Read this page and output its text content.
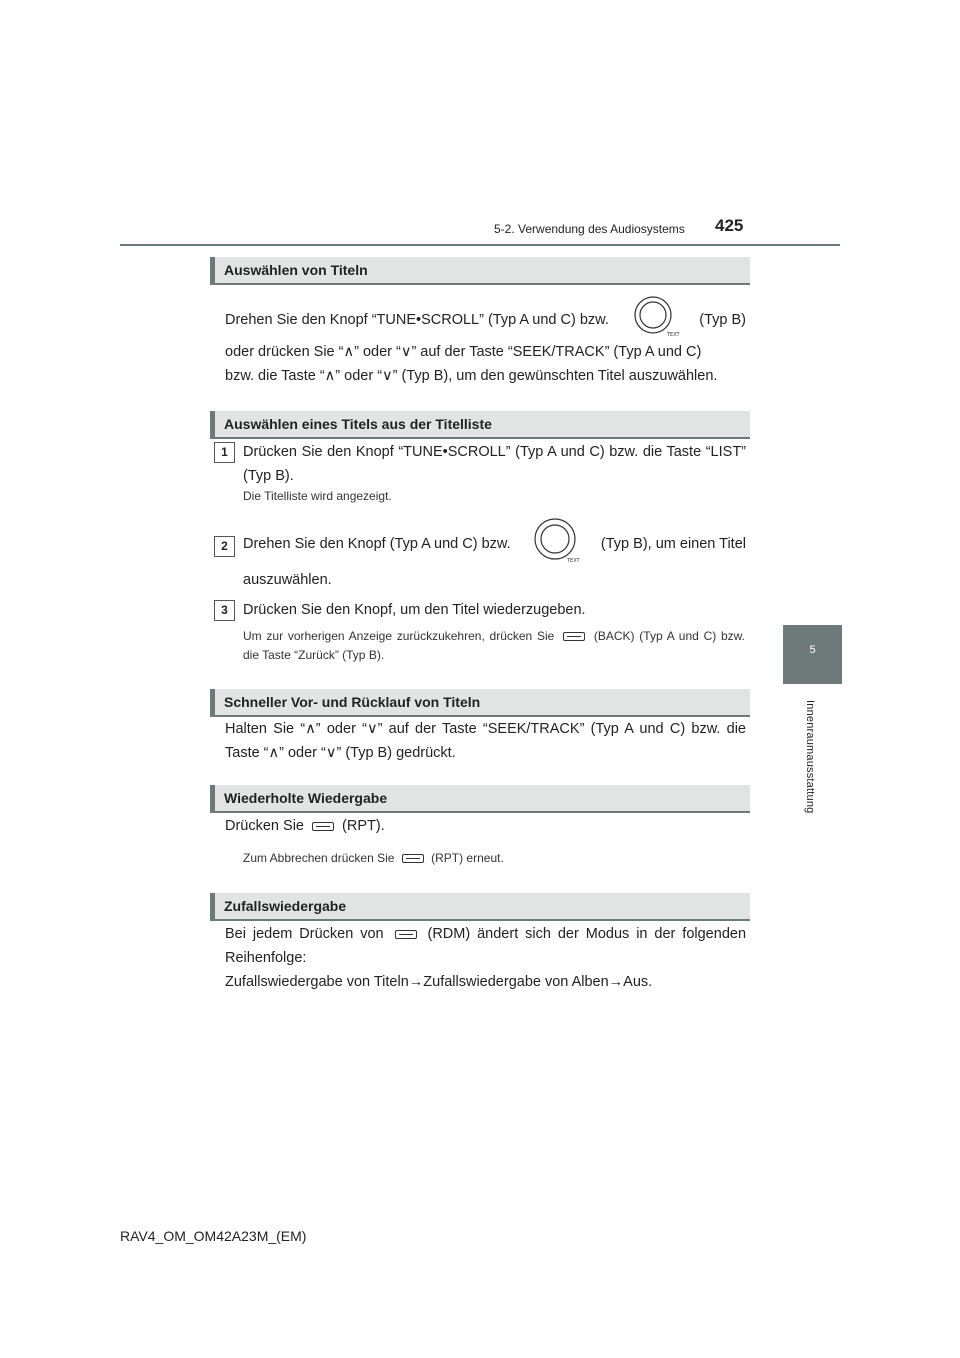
5-2. Verwendung des Audiosystems 425
5
Innenraumausstattung
Auswählen von Titeln
Drehen Sie den Knopf “TUNE•SCROLL” (Typ A und C) bzw.
TEXT
(Typ B)
oder drücken Sie “∧” oder “∨” auf der Taste “SEEK/TRACK” (Typ A und C)
bzw. die Taste “∧” oder “∨” (Typ B), um den gewünschten Titel auszuwählen.
Auswählen eines Titels aus der Titelliste
1	Drücken Sie den Knopf “TUNE•SCROLL” (Typ A und C) bzw. die Taste “LIST” (Typ B).
Die Titelliste wird angezeigt.
2	Drehen Sie den Knopf (Typ A und C) bzw.
TEXT
(Typ B), um einen Titel
auszuwählen.
3	Drücken Sie den Knopf, um den Titel wiederzugeben.
Um zur vorherigen Anzeige zurückzukehren, drücken Sie	(BACK) (Typ A und C) bzw. die Taste “Zurück” (Typ B).
Schneller Vor- und Rücklauf von Titeln
Halten Sie “∧” oder “∨” auf der Taste “SEEK/TRACK” (Typ A und C) bzw. die Taste “∧” oder “∨” (Typ B) gedrückt.
Wiederholte Wiedergabe
Drücken Sie	(RPT).
Zum Abbrechen drücken Sie	(RPT) erneut.
Zufallswiedergabe
Bei jedem Drücken von	(RDM) ändert sich der Modus in der folgenden Reihenfolge:
Zufallswiedergabe von Titeln→Zufallswiedergabe von Alben→Aus.
RAV4_OM_OM42A23M_(EM)
